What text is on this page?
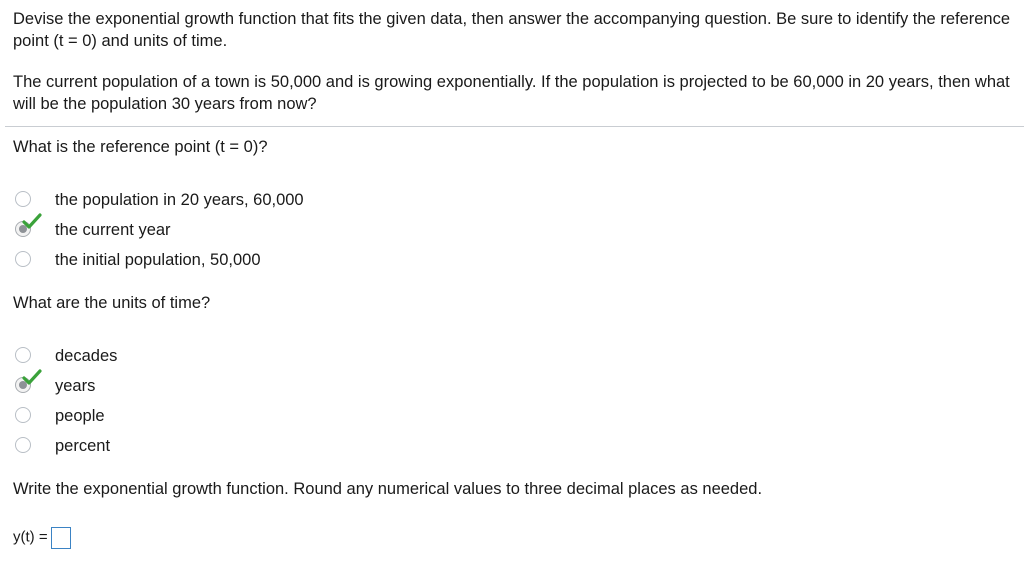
Devise the exponential growth function that fits the given data, then answer the accompanying question. Be sure to identify the reference point (t = 0) and units of time.
The current population of a town is 50,000 and is growing exponentially. If the population is projected to be 60,000 in 20 years, then what will be the population 30 years from now?
What is the reference point (t = 0)?
the population in 20 years, 60,000
the current year
the initial population, 50,000
What are the units of time?
decades
years
people
percent
Write the exponential growth function. Round any numerical values to three decimal places as needed.
y(t) =
